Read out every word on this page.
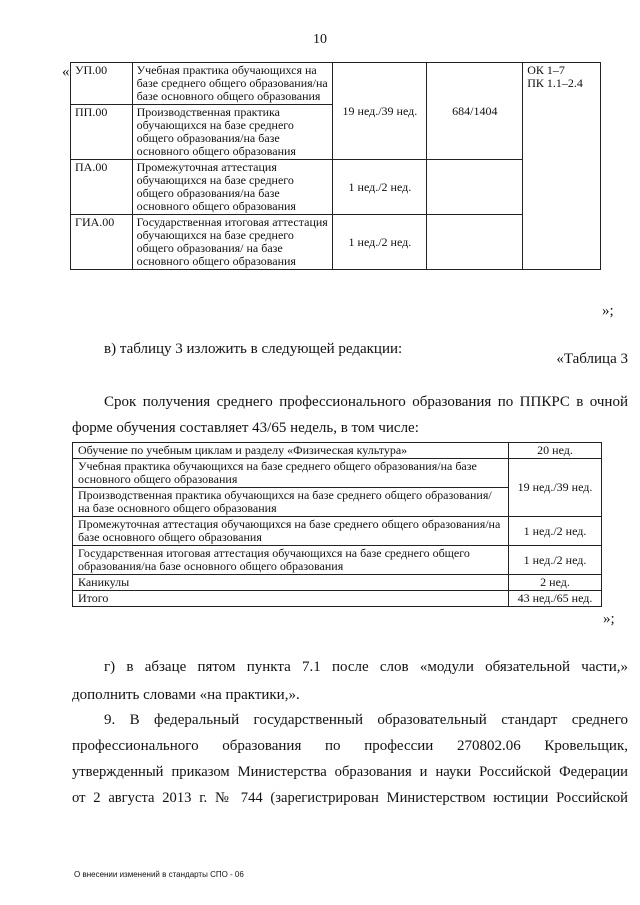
10
« УП.00	Учебная практика обучающихся на базе среднего общего образования/на базе основного общего образования	19 нед./39 нед.	684/1404	ОК 1–7
ПК 1.1–2.4

ПП.00	Производственная практика обучающихся на базе среднего общего образования/на базе основного общего образования			
ПА.00	Промежуточная аттестация обучающихся на базе среднего общего образования/на базе основного общего образования	1 нед./2 нед.		
ГИА.00	Государственная итоговая аттестация обучающихся на базе среднего общего образования/ на базе основного общего образования	1 нед./2 нед.		
»;
в) таблицу 3 изложить в следующей редакции:
«Таблица 3
Срок получения среднего профессионального образования по ППКРС в очной
форме обучения составляет 43/65 недель, в том числе:
Обучение по учебным циклам и разделу «Физическая культура»	20 нед.
Учебная практика обучающихся на базе среднего общего образования/на базе основного общего образования	19 нед./39 нед.
Производственная практика обучающихся на базе среднего общего образования/на базе основного общего образования	
Промежуточная аттестация обучающихся на базе среднего общего образования/на базе основного общего образования	1 нед./2 нед.
Государственная итоговая аттестация обучающихся на базе среднего общего образования/на базе основного общего образования	1 нед./2 нед.
Каникулы	2 нед.
Итого	43 нед./65 нед.
»;
г) в абзаце пятом пункта 7.1 после слов «модули обязательной части,»
дополнить словами «на практики,».
9. В федеральный государственный образовательный стандарт среднего
профессионального образования по профессии 270802.06 Кровельщик,
утвержденный приказом Министерства образования и науки Российской Федерации
от 2 августа 2013 г. № 744 (зарегистрирован Министерством юстиции Российской
О внесении изменений в стандарты СПО - 06
